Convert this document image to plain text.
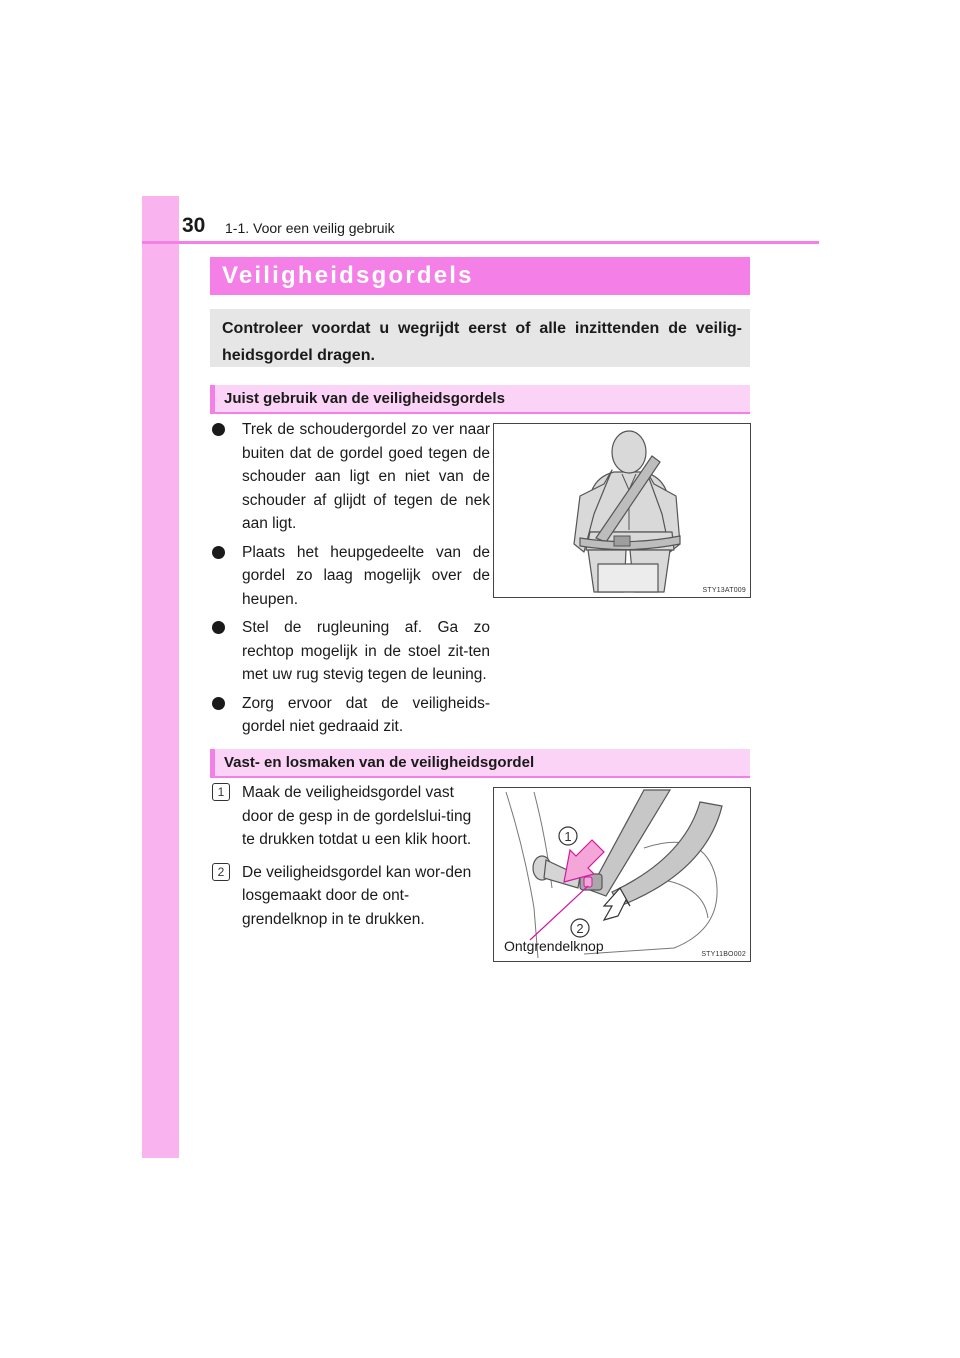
30 1-1. Voor een veilig gebruik
Veiligheidsgordels
Controleer voordat u wegrijdt eerst of alle inzittenden de veilig-heidsgordel dragen.
Juist gebruik van de veiligheidsgordels
Trek de schoudergordel zo ver naar buiten dat de gordel goed tegen de schouder aan ligt en niet van de schouder af glijdt of tegen de nek aan ligt.
Plaats het heupgedeelte van de gordel zo laag mogelijk over de heupen.
Stel de rugleuning af. Ga zo rechtop mogelijk in de stoel zit-ten met uw rug stevig tegen de leuning.
Zorg ervoor dat de veiligheids-gordel niet gedraaid zit.
STY13AT009
Vast- en losmaken van de veiligheidsgordel
1	Maak de veiligheidsgordel vast door de gesp in de gordelslui-ting te drukken totdat u een klik hoort.
2	De veiligheidsgordel kan wor-den losgemaakt door de ont-grendelknop in te drukken.
1
2
Ontgrendelknop
STY11BO002
